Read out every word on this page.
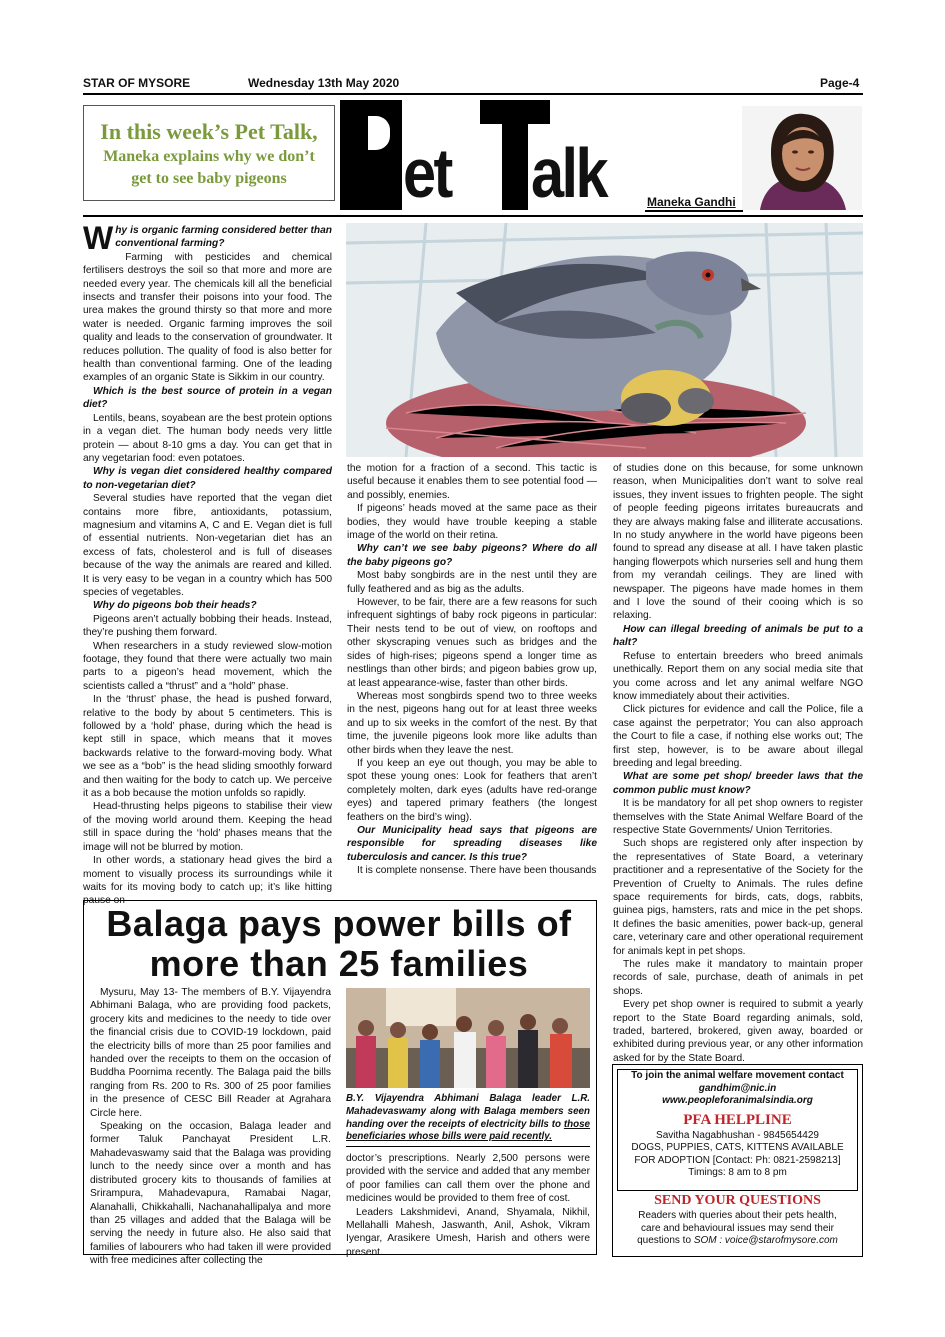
STAR OF MYSORE	Wednesday 13th May 2020	Page-4
In this week’s Pet Talk,
Maneka explains why we don’t
get to see baby pigeons	et alk	Maneka Gandhi
W hy is organic farming considered better than conventional farming?

Farming with pesticides and chemical fertilisers destroys the soil so that more and more are needed every year. The chemicals kill all the beneficial insects and transfer their poisons into your food. The urea makes the ground thirsty so that more and more water is needed. Organic farming improves the soil quality and leads to the conservation of groundwater. It reduces pollution. The quality of food is also better for health than conventional farming. One of the leading examples of an organic State is Sikkim in our country.

Which is the best source of protein in a vegan diet?

Lentils, beans, soyabean are the best protein options in a vegan diet. The human body needs very little protein — about 8-10 gms a day. You can get that in any vegetarian food: even potatoes.

Why is vegan diet considered healthy compared to non-vegetarian diet?

Several studies have reported that the vegan diet contains more fibre, antioxidants, potassium, magnesium and vitamins A, C and E. Vegan diet is full of essential nutrients. Non-vegetarian diet has an excess of fats, cholesterol and is full of diseases because of the way the animals are reared and killed. It is very easy to be vegan in a country which has 500 species of vegetables.

Why do pigeons bob their heads?

Pigeons aren’t actually bobbing their heads. Instead, they’re pushing them forward.

When researchers in a study reviewed slow-motion footage, they found that there were actually two main parts to a pigeon’s head movement, which the scientists called a “thrust” and a “hold” phase.

In the ‘thrust’ phase, the head is pushed forward, relative to the body by about 5 centimeters. This is followed by a ‘hold’ phase, during which the head is kept still in space, which means that it moves backwards relative to the forward-moving body. What we see as a “bob” is the head sliding smoothly forward and then waiting for the body to catch up. We perceive it as a bob because the motion unfolds so rapidly.

Head-thrusting helps pigeons to stabilise their view of the moving world around them. Keeping the head still in space during the ‘hold’ phases means that the image will not be blurred by motion.

In other words, a stationary head gives the bird a moment to visually process its surroundings while it waits for its moving body to catch up; it’s like hitting pause on

the motion for a fraction of a second. This tactic is useful because it enables them to see potential food — and possibly, enemies.

If pigeons’ heads moved at the same pace as their bodies, they would have trouble keeping a stable image of the world on their retina.

Why can’t we see baby pigeons? Where do all the baby pigeons go?

Most baby songbirds are in the nest until they are fully feathered and as big as the adults.

However, to be fair, there are a few reasons for such infrequent sightings of baby rock pigeons in particular: Their nests tend to be out of view, on rooftops and other skyscraping venues such as bridges and the sides of high-rises; pigeons spend a longer time as nestlings than other birds; and pigeon babies grow up, at least appearance-wise, faster than other birds.

Whereas most songbirds spend two to three weeks in the nest, pigeons hang out for at least three weeks and up to six weeks in the comfort of the nest. By that time, the juvenile pigeons look more like adults than other birds when they leave the nest.

If you keep an eye out though, you may be able to spot these young ones: Look for feathers that aren’t completely molten, dark eyes (adults have red-orange eyes) and tapered primary feathers (the longest feathers on the bird’s wing).

Our Municipality head says that pigeons are responsible for spreading diseases like tuberculosis and cancer. Is this true?

It is complete nonsense. There have been thousands

of studies done on this because, for some unknown reason, when Municipalities don’t want to solve real issues, they invent issues to frighten people. The sight of people feeding pigeons irritates bureaucrats and they are always making false and illiterate accusations. In no study anywhere in the world have pigeons been found to spread any disease at all. I have taken plastic hanging flowerpots which nurseries sell and hung them from my verandah ceilings. They are lined with newspaper. The pigeons have made homes in them and I love the sound of their cooing which is so relaxing.

How can illegal breeding of animals be put to a halt?

Refuse to entertain breeders who breed animals unethically. Report them on any social media site that you come across and let any animal welfare NGO know immediately about their activities.

Click pictures for evidence and call the Police, file a case against the perpetrator; You can also approach the Court to file a case, if nothing else works out; The first step, however, is to be aware about illegal breeding and legal breeding.

What are some pet shop/ breeder laws that the common public must know?

It is be mandatory for all pet shop owners to register themselves with the State Animal Welfare Board of the respective State Governments/ Union Territories.

Such shops are registered only after inspection by the representatives of State Board, a veterinary practitioner and a representative of the Society for the Prevention of Cruelty to Animals. The rules define space requirements for birds, cats, dogs, rabbits, guinea pigs, hamsters, rats and mice in the pet shops. It defines the basic amenities, power back-up, general care, veterinary care and other operational requirement for animals kept in pet shops.

The rules make it mandatory to maintain proper records of sale, purchase, death of animals in pet shops.

Every pet shop owner is required to submit a yearly report to the State Board regarding animals, sold, traded, bartered, brokered, given away, boarded or exhibited during previous year, or any other information asked for by the State Board.

Balaga pays power bills of
more than 25 families

Mysuru, May 13- The members of B.Y. Vijayendra Abhimani Balaga, who are providing food packets, grocery kits and medicines to the needy to tide over the financial crisis due to COVID-19 lockdown, paid the electricity bills of more than 25 poor families and handed over the receipts to them on the occasion of Buddha Poornima recently. The Balaga paid the bills ranging from Rs. 200 to Rs. 300 of 25 poor families in the presence of CESC Bill Reader at Agrahara Circle here.

Speaking on the occasion, Balaga leader and former Taluk Panchayat President L.R. Mahadevaswamy said that the Balaga was providing lunch to the needy since over a month and has distributed grocery kits to thousands of families at Srirampura, Mahadevapura, Ramabai Nagar, Alanahalli, Chikkahalli, Nachanahallipalya and more than 25 villages and added that the Balaga will be serving the needy in future also. He also said that families of labourers who had taken ill were provided with free medicines after collecting the

B.Y. Vijayendra Abhimani Balaga leader L.R. Mahadevaswamy along with Balaga members seen handing over the receipts of electricity bills to those beneficiaries whose bills were paid recently.

doctor’s prescriptions. Nearly 2,500 persons were provided with the service and added that any member of poor families can call them over the phone and medicines would be provided to them free of cost.

Leaders Lakshmidevi, Anand, Shyamala, Nikhil, Mellahalli Mahesh, Jaswanth, Anil, Ashok, Vikram Iyengar, Arasikere Umesh, Harish and others were present.

To join the animal welfare movement contact
gandhim@nic.in
www.peopleforanimalsindia.org
PFA HELPLINE
Savitha Nagabhushan - 9845654429
DOGS, PUPPIES, CATS, KITTENS AVAILABLE
FOR ADOPTION [Contact: Ph: 0821-2598213]
Timings: 8 am to 8 pm
SEND YOUR QUESTIONS
Readers with queries about their pets health,
care and behavioural issues may send their
questions to SOM : voice@starofmysore.com
